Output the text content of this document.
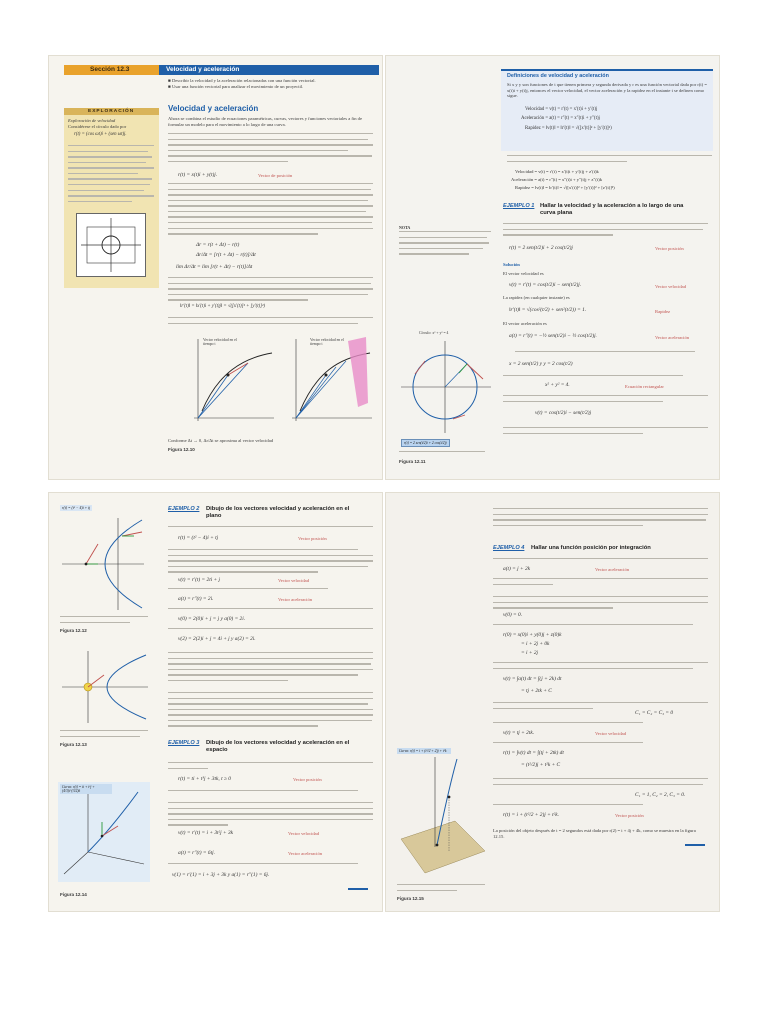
Sección 12.3	Velocidad y aceleración
■ Describir la velocidad y la aceleración relacionadas con una función vectorial.
■ Usar una función vectorial para analizar el movimiento de un proyectil.
EXPLORACIÓN
Exploración de velocidad
Considérese el círculo dado por
r(t) = (cos ωt)i + (sen ωt)j.
Velocidad y aceleración
Ahora se combina el estudio de ecuaciones paramétricas, curvas, vectores y funciones vectoriales a fin de formular un modelo para el movimiento a lo largo de una curva.
r(t) = x(t)i + y(t)j.	Vector de posición
Δr = r(t + Δt) − r(t)
Δr/Δt = [r(t + Δt) − r(t)]/Δt
lim Δr/Δt = lim [r(t + Δt) − r(t)]/Δt
‖r′(t)‖ = ‖x′(t)i + y′(t)j‖ = √([x′(t)]² + [y′(t)]²)
Vector velocidad en el tiempo t
Vector velocidad en el tiempo t
Conforme Δt → 0, Δr/Δt se aproxima al vector velocidad
Figura 12.10
Definiciones de velocidad y aceleración
Si x y y son funciones de t que tienen primera y segunda derivada y r es una función vectorial dada por r(t) = x(t)i + y(t)j, entonces el vector velocidad, el vector aceleración y la rapidez en el instante t se definen como sigue.
Velocidad = v(t) = r′(t) = x′(t)i + y′(t)j
Aceleración = a(t) = r″(t) = x″(t)i + y″(t)j
Rapidez = ‖v(t)‖ = ‖r′(t)‖ = √([x′(t)]² + [y′(t)]²)
Velocidad = v(t) = r′(t) = x′(t)i + y′(t)j + z′(t)k
Aceleración = a(t) = r″(t) = x″(t)i + y″(t)j + z″(t)k
Rapidez = ‖v(t)‖ = ‖r′(t)‖ = √([x′(t)]² + [y′(t)]² + [z′(t)]²)
EJEMPLO 1 Hallar la velocidad y la aceleración a lo largo de una curva plana
r(t) = 2 sen(t/2)i + 2 cos(t/2)j	Vector posición
Solución
El vector velocidad es
v(t) = r′(t) = cos(t/2)i − sen(t/2)j.	Vector velocidad
La rapidez (en cualquier instante) es
‖r′(t)‖ = √(cos²(t/2) + sen²(t/2)) = 1.	Rapidez
El vector aceleración es
a(t) = r″(t) = −½ sen(t/2)i − ½ cos(t/2)j.	Vector aceleración
x = 2 sen(t/2) y y = 2 cos(t/2)
x² + y² = 4.	Ecuación rectangular
v(t) = cos(t/2)i − sen(t/2)j
NOTA
Círculo: x² + y² = 4
r(t) = 2 sen(t/2)i + 2 cos(t/2)j
Figura 12.11
r(t) = (t² − 4)i + tj
Figura 12.12
Figura 12.13
Curva: r(t) = ti + t²j + (4/3)t^(3/2)k
Figura 12.14
EJEMPLO 2 Dibujo de los vectores velocidad y aceleración en el plano
r(t) = (t² − 4)i + tj	Vector posición
v(t) = r′(t) = 2ti + j	Vector velocidad
a(t) = r″(t) = 2i.	Vector aceleración
v(0) = 2(0)i + j = j y a(0) = 2i.
v(2) = 2(2)i + j = 4i + j y a(2) = 2i.
EJEMPLO 3 Dibujo de los vectores velocidad y aceleración en el espacio
r(t) = ti + t³j + 3tk, t ≥ 0	Vector posición
v(t) = r′(t) = i + 3t²j + 3k	Vector velocidad
a(t) = r″(t) = 6tj.	Vector aceleración
v(1) = r′(1) = i + 3j + 3k y a(1) = r″(1) = 6j.
EJEMPLO 4 Hallar una función posición por integración
a(t) = j + 2k	Vector aceleración
v(0) = 0.
r(0) = x(0)i + y(0)j + z(0)k
= i + 2j + 0k
= i + 2j
v(t) = ∫a(t) dt = ∫(j + 2k) dt
= tj + 2tk + C
C₁ = C₂ = C₃ = 0
v(t) = tj + 2tk.	Vector velocidad
r(t) = ∫v(t) dt = ∫(tj + 2tk) dt
= (t²/2)j + t²k + C
C₁ = 1, C₂ = 2, C₃ = 0.
r(t) = i + (t²/2 + 2)j + t²k.	Vector posición
La posición del objeto después de t = 2 segundos está dada por r(2) = i + 4j + 4k, como se muestra en la figura 12.15.
Curva: r(t) = i + (t²/2 + 2)j + t²k
Figura 12.15
